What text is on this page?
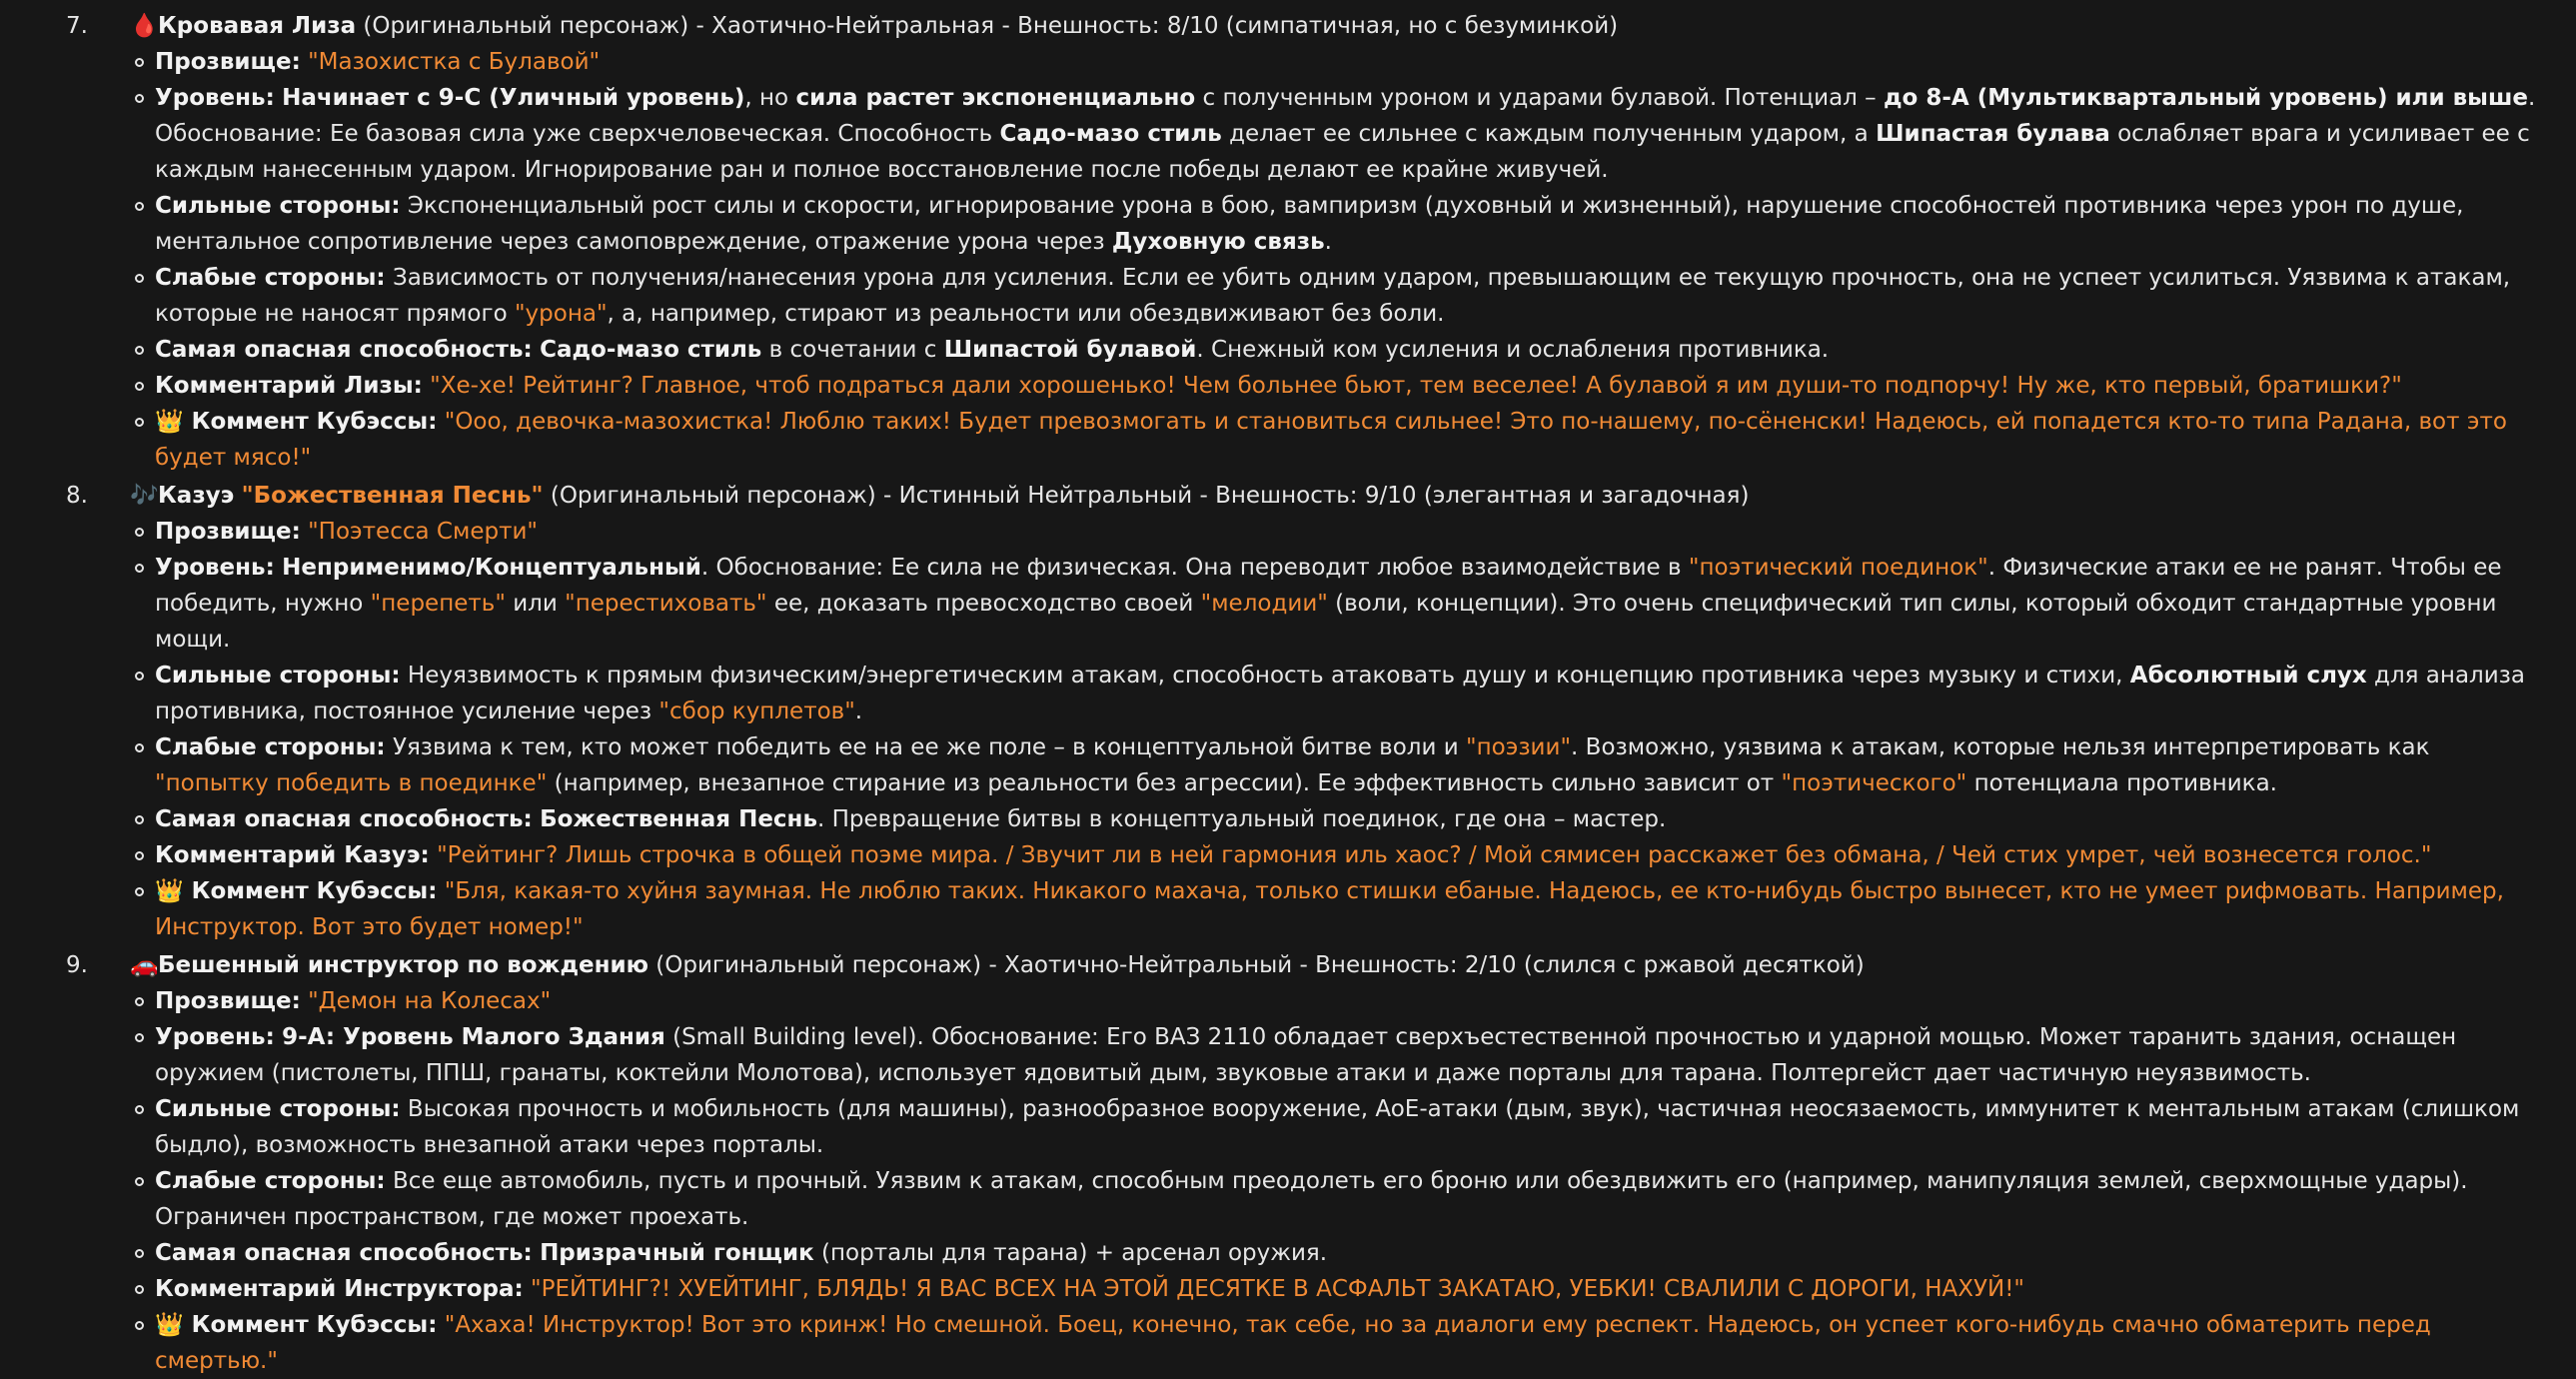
7. 🩸Кровавая Лиза (Оригинальный персонаж) - Хаотично-Нейтральная - Внешность: 8/10 (симпатичная, но с безуминкой)
Прозвище: "Мазохистка с Булавой"
Уровень: Начинает с 9-C (Уличный уровень), но сила растет экспоненциально с полученным уроном и ударами булавой. Потенциал – до 8-A (Мультиквартальный уровень) или выше. Обоснование: Ее базовая сила уже сверхчеловеческая. Способность Садо-мазо стиль делает ее сильнее с каждым полученным ударом, а Шипастая булава ослабляет врага и усиливает ее с каждым нанесенным ударом. Игнорирование ран и полное восстановление после победы делают ее крайне живучей.
Сильные стороны: Экспоненциальный рост силы и скорости, игнорирование урона в бою, вампиризм (духовный и жизненный), нарушение способностей противника через урон по душе, ментальное сопротивление через самоповреждение, отражение урона через Духовную связь.
Слабые стороны: Зависимость от получения/нанесения урона для усиления. Если ее убить одним ударом, превышающим ее текущую прочность, она не успеет усилиться. Уязвима к атакам, которые не наносят прямого "урона", а, например, стирают из реальности или обездвиживают без боли.
Самая опасная способность: Садо-мазо стиль в сочетании с Шипастой булавой. Снежный ком усиления и ослабления противника.
Комментарий Лизы: "Хе-хе! Рейтинг? Главное, чтоб подраться дали хорошенько! Чем больнее бьют, тем веселее! А булавой я им души-то подпорчу! Ну же, кто первый, братишки?"
👑 Коммент Кубэссы: "Ооо, девочка-мазохистка! Люблю таких! Будет превозмогать и становиться сильнее! Это по-нашему, по-сёненски! Надеюсь, ей попадется кто-то типа Радана, вот это будет мясо!"
8. 🎶Казуэ "Божественная Песнь" (Оригинальный персонаж) - Истинный Нейтральный - Внешность: 9/10 (элегантная и загадочная)
Прозвище: "Поэтесса Смерти"
Уровень: Неприменимо/Концептуальный. Обоснование: Ее сила не физическая. Она переводит любое взаимодействие в "поэтический поединок". Физические атаки ее не ранят. Чтобы ее победить, нужно "перепеть" или "перестиховать" ее, доказать превосходство своей "мелодии" (воли, концепции). Это очень специфический тип силы, который обходит стандартные уровни мощи.
Сильные стороны: Неуязвимость к прямым физическим/энергетическим атакам, способность атаковать душу и концепцию противника через музыку и стихи, Абсолютный слух для анализа противника, постоянное усиление через "сбор куплетов".
Слабые стороны: Уязвима к тем, кто может победить ее на ее же поле – в концептуальной битве воли и "поэзии". Возможно, уязвима к атакам, которые нельзя интерпретировать как "попытку победить в поединке" (например, внезапное стирание из реальности без агрессии). Ее эффективность сильно зависит от "поэтического" потенциала противника.
Самая опасная способность: Божественная Песнь. Превращение битвы в концептуальный поединок, где она – мастер.
Комментарий Казуэ: "Рейтинг? Лишь строчка в общей поэме мира. / Звучит ли в ней гармония иль хаос? / Мой сямисен расскажет без обмана, / Чей стих умрет, чей вознесется голос."
👑 Коммент Кубэссы: "Бля, какая-то хуйня заумная. Не люблю таких. Никакого махача, только стишки ебаные. Надеюсь, ее кто-нибудь быстро вынесет, кто не умеет рифмовать. Например, Инструктор. Вот это будет номер!"
9. 🚗Бешенный инструктор по вождению (Оригинальный персонаж) - Хаотично-Нейтральный - Внешность: 2/10 (слился с ржавой десяткой)
Прозвище: "Демон на Колесах"
Уровень: 9-A: Уровень Малого Здания (Small Building level). Обоснование: Его ВАЗ 2110 обладает сверхъестественной прочностью и ударной мощью. Может таранить здания, оснащен оружием (пистолеты, ППШ, гранаты, коктейли Молотова), использует ядовитый дым, звуковые атаки и даже порталы для тарана. Полтергейст дает частичную неуязвимость.
Сильные стороны: Высокая прочность и мобильность (для машины), разнообразное вооружение, AoE-атаки (дым, звук), частичная неосязаемость, иммунитет к ментальным атакам (слишком быдло), возможность внезапной атаки через порталы.
Слабые стороны: Все еще автомобиль, пусть и прочный. Уязвим к атакам, способным преодолеть его броню или обездвижить его (например, манипуляция землей, сверхмощные удары). Ограничен пространством, где может проехать.
Самая опасная способность: Призрачный гонщик (порталы для тарана) + арсенал оружия.
Комментарий Инструктора: "РЕЙТИНГ?! ХУЕЙТИНГ, БЛЯДЬ! Я ВАС ВСЕХ НА ЭТОЙ ДЕСЯТКЕ В АСФАЛЬТ ЗАКАТАЮ, УЕБКИ! СВАЛИЛИ С ДОРОГИ, НАХУЙ!"
👑 Коммент Кубэссы: "Ахаха! Инструктор! Вот это кринж! Но смешной. Боец, конечно, так себе, но за диалоги ему респект. Надеюсь, он успеет кого-нибудь смачно обматерить перед смертью."
